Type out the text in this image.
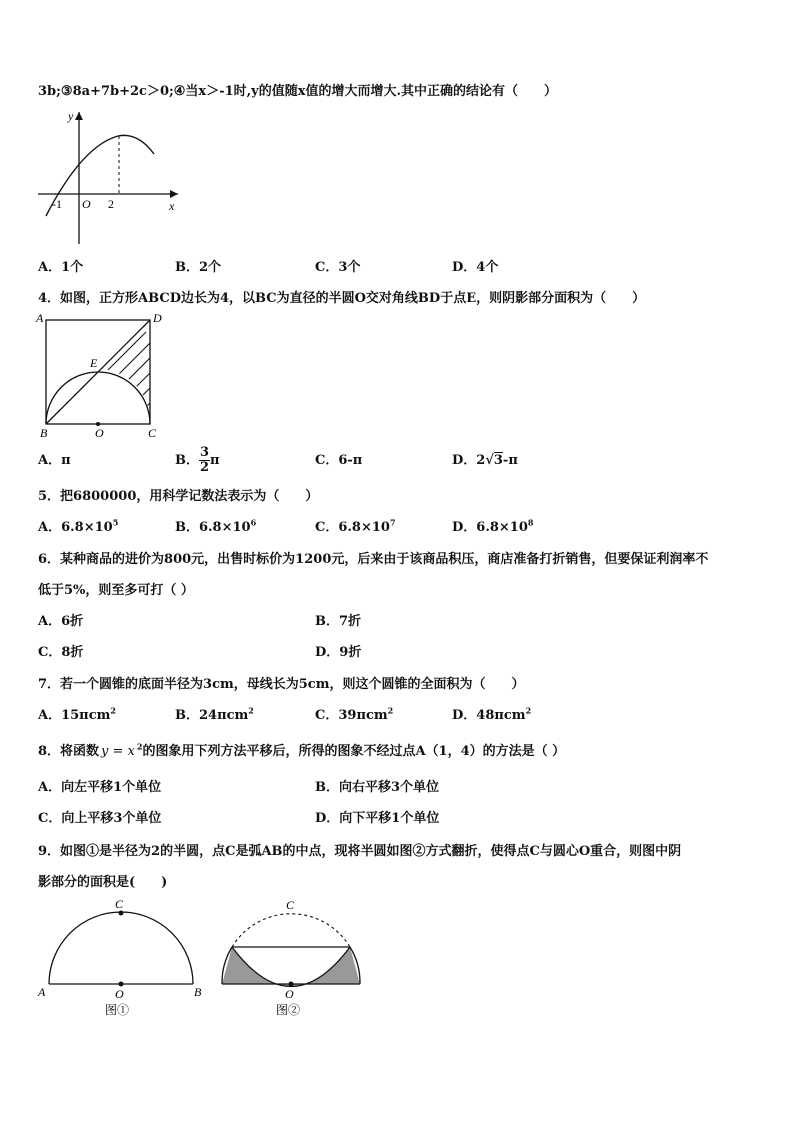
3b;③8a+7b+2c＞0;④当x＞-1时,y的值随x值的增大而增大.其中正确的结论有（　　）
y
x
O
-1	2
A．1个	B．2个	C．3个	D．4个
4．如图，正方形ABCD边长为4，以BC为直径的半圆O交对角线BD于点E，则阴影部分面积为（　　）
A	D
E
B	O	C
A．π	B． $\frac{3}{2}$ π	C．6-π	D．2√3-π
5．把6800000，用科学记数法表示为（　　）
A．$6.8\times 10^5$	B．$6.8\times 10^6$	C．$6.8\times 10^7$	D．$6.8\times 10^8$
6．某种商品的进价为800元，出售时标价为1200元，后来由于该商品积压，商店准备打折销售，但要保证利润率不
低于5%，则至多可打（ ）
A．6折	B．7折
C．8折	D．9折
7．若一个圆锥的底面半径为3cm，母线长为5cm，则这个圆锥的全面积为（　　）
A．15πcm$^2$	B．24πcm$^2$	C．39πcm$^2$	D．48πcm$^2$
8．将函数 y = x $^2$的图象用下列方法平移后，所得的图象不经过点A（1，4）的方法是（ ）
A．向左平移1个单位	B．向右平移3个单位
C．向上平移3个单位	D．向下平移1个单位
9．如图①是半径为2的半圆，点C是弧AB的中点，现将半圆如图②方式翻折，使得点C与圆心O重合，则图中阴
影部分的面积是(　　)
C
A	O	B
图①
C
O
图②
